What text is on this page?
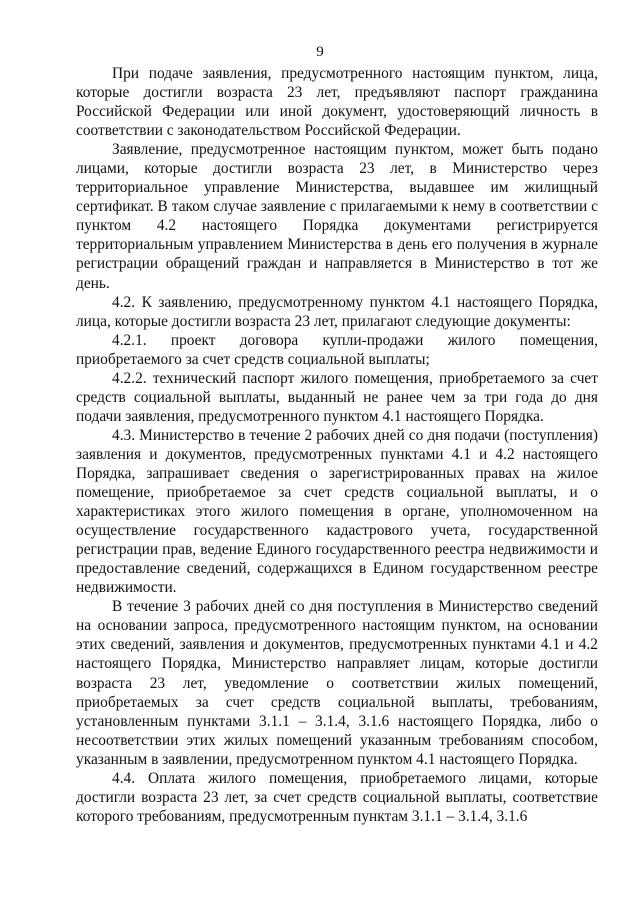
9

При подаче заявления, предусмотренного настоящим пунктом, лица, которые достигли возраста 23 лет, предъявляют паспорт гражданина Российской Федерации или иной документ, удостоверяющий личность в соответствии с законодательством Российской Федерации.

Заявление, предусмотренное настоящим пунктом, может быть подано лицами, которые достигли возраста 23 лет, в Министерство через территориальное управление Министерства, выдавшее им жилищный сертификат. В таком случае заявление с прилагаемыми к нему в соответствии с пунктом 4.2 настоящего Порядка документами регистрируется территориальным управлением Министерства в день его получения в журнале регистрации обращений граждан и направляется в Министерство в тот же день.

4.2. К заявлению, предусмотренному пунктом 4.1 настоящего Порядка, лица, которые достигли возраста 23 лет, прилагают следующие документы:

4.2.1. проект договора купли-продажи жилого помещения, приобретаемого за счет средств социальной выплаты;

4.2.2. технический паспорт жилого помещения, приобретаемого за счет средств социальной выплаты, выданный не ранее чем за три года до дня подачи заявления, предусмотренного пунктом 4.1 настоящего Порядка.

4.3. Министерство в течение 2 рабочих дней со дня подачи (поступления) заявления и документов, предусмотренных пунктами 4.1 и 4.2 настоящего Порядка, запрашивает сведения о зарегистрированных правах на жилое помещение, приобретаемое за счет средств социальной выплаты, и о характеристиках этого жилого помещения в органе, уполномоченном на осуществление государственного кадастрового учета, государственной регистрации прав, ведение Единого государственного реестра недвижимости и предоставление сведений, содержащихся в Едином государственном реестре недвижимости.

В течение 3 рабочих дней со дня поступления в Министерство сведений на основании запроса, предусмотренного настоящим пунктом, на основании этих сведений, заявления и документов, предусмотренных пунктами 4.1 и 4.2 настоящего Порядка, Министерство направляет лицам, которые достигли возраста 23 лет, уведомление о соответствии жилых помещений, приобретаемых за счет средств социальной выплаты, требованиям, установленным пунктами 3.1.1 – 3.1.4, 3.1.6 настоящего Порядка, либо о несоответствии этих жилых помещений указанным требованиям способом, указанным в заявлении, предусмотренном пунктом 4.1 настоящего Порядка.

4.4. Оплата жилого помещения, приобретаемого лицами, которые достигли возраста 23 лет, за счет средств социальной выплаты, соответствие которого требованиям, предусмотренным пунктам 3.1.1 – 3.1.4, 3.1.6
